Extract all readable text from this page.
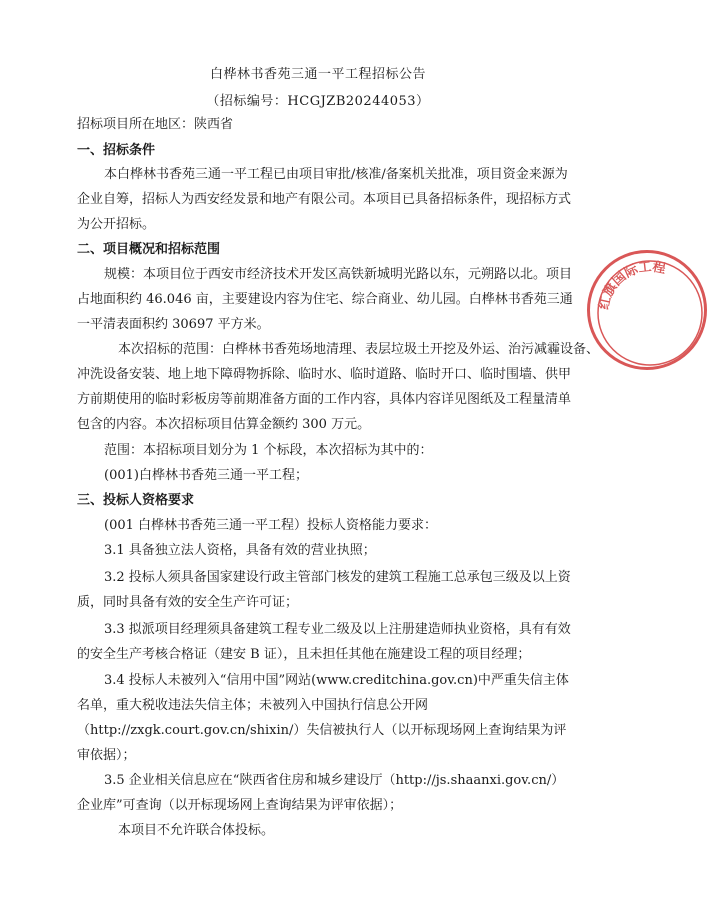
白桦林书香苑三通一平工程招标公告
（招标编号：HCGJZB20244053）
招标项目所在地区：陕西省
一、招标条件
本白桦林书香苑三通一平工程已由项目审批/核准/备案机关批准，项目资金来源为
企业自筹，招标人为西安经发景和地产有限公司。本项目已具备招标条件，现招标方式
为公开招标。
二、项目概况和招标范围
规模：本项目位于西安市经济技术开发区高铁新城明光路以东，元朔路以北。项目
占地面积约 46.046 亩，主要建设内容为住宅、综合商业、幼儿园。白桦林书香苑三通
一平清表面积约 30697 平方米。
本次招标的范围：白桦林书香苑场地清理、表层垃圾土开挖及外运、治污减霾设备、
冲洗设备安装、地上地下障碍物拆除、临时水、临时道路、临时开口、临时围墙、供甲
方前期使用的临时彩板房等前期准备方面的工作内容，具体内容详见图纸及工程量清单
包含的内容。本次招标项目估算金额约 300 万元。
范围：本招标项目划分为 1 个标段，本次招标为其中的：
(001)白桦林书香苑三通一平工程；
三、投标人资格要求
(001 白桦林书香苑三通一平工程）投标人资格能力要求：
3.1 具备独立法人资格，具备有效的营业执照；
3.2 投标人须具备国家建设行政主管部门核发的建筑工程施工总承包三级及以上资
质，同时具备有效的安全生产许可证；
3.3 拟派项目经理须具备建筑工程专业二级及以上注册建造师执业资格，具有有效
的安全生产考核合格证（建安 B 证），且未担任其他在施建设工程的项目经理；
3.4 投标人未被列入“信用中国”网站(www.creditchina.gov.cn)中严重失信主体
名单，重大税收违法失信主体；未被列入中国执行信息公开网
（http://zxgk.court.gov.cn/shixin/）失信被执行人（以开标现场网上查询结果为评
审依据）；
3.5 企业相关信息应在“陕西省住房和城乡建设厅（http://js.shaanxi.gov.cn/）
企业库”可查询（以开标现场网上查询结果为评审依据）；
本项目不允许联合体投标。
红旗国际工程
